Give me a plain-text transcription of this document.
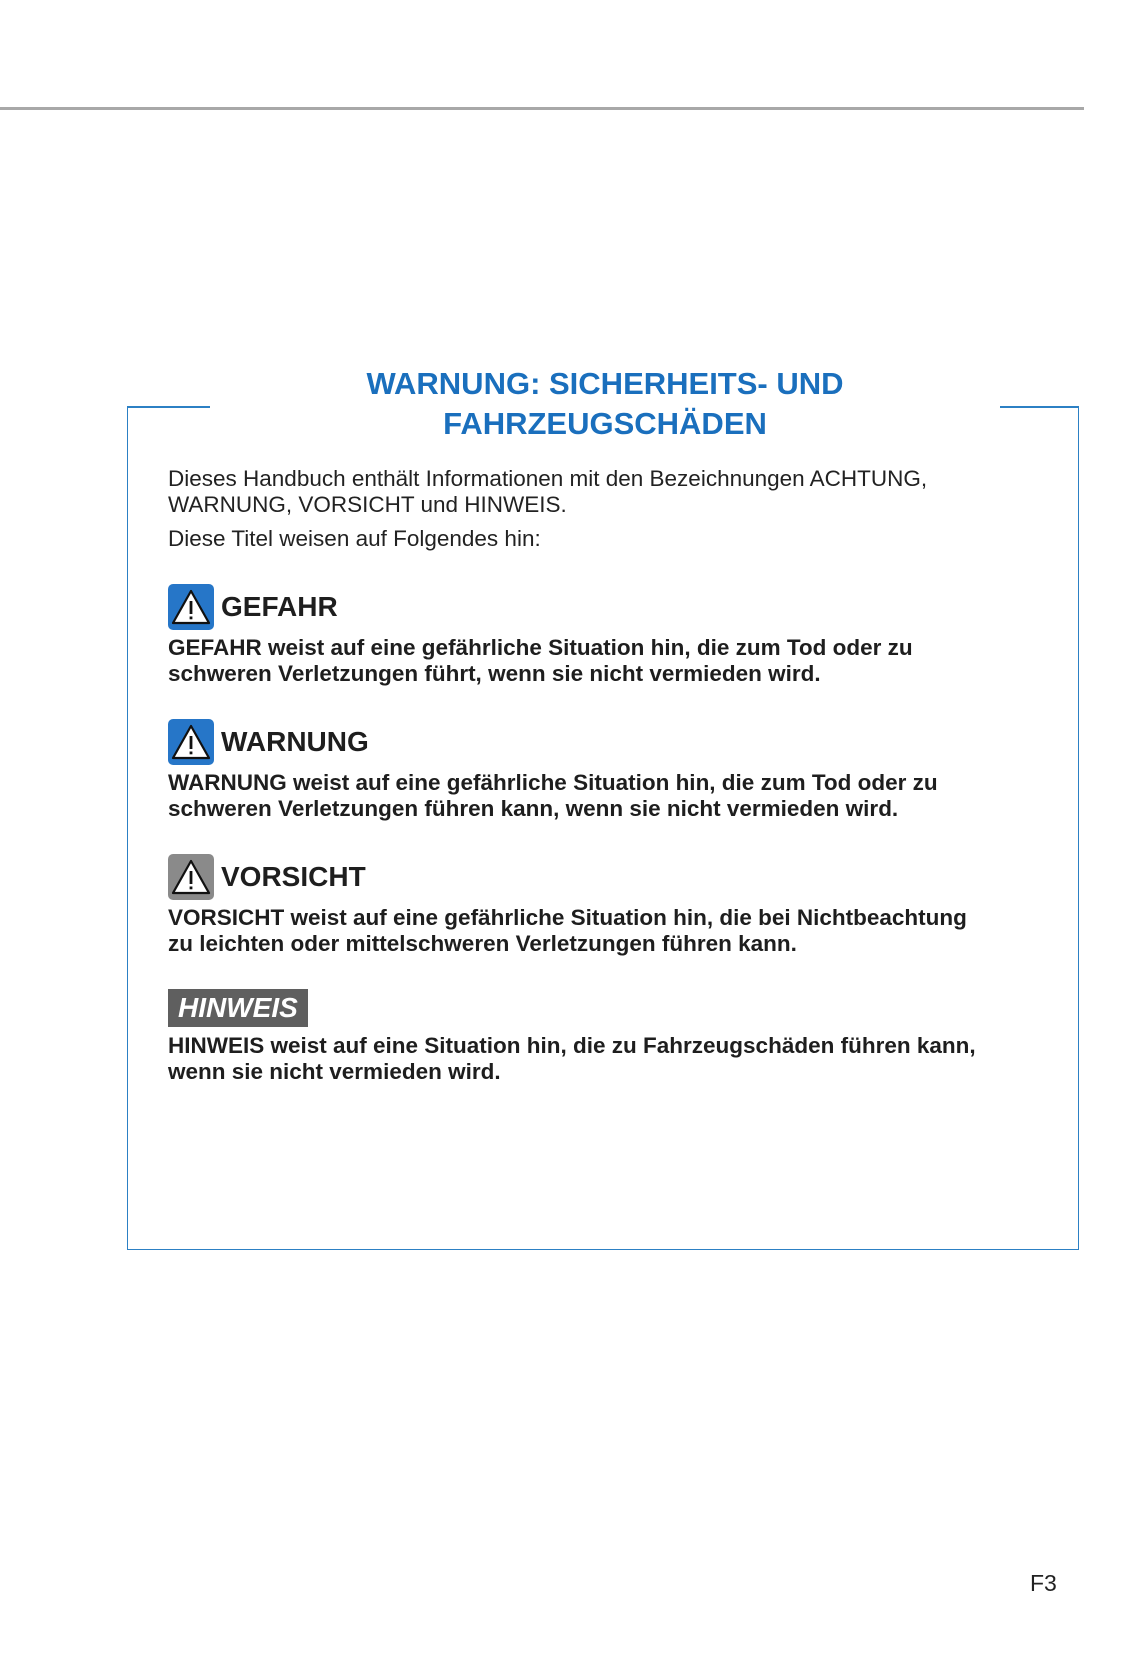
WARNUNG: SICHERHEITS- UND
FAHRZEUGSCHÄDEN

Dieses Handbuch enthält Informationen mit den Bezeichnungen ACHTUNG,
WARNUNG, VORSICHT und HINWEIS.

Diese Titel weisen auf Folgendes hin:

GEFAHR

GEFAHR weist auf eine gefährliche Situation hin, die zum Tod oder zu
schweren Verletzungen führt, wenn sie nicht vermieden wird.

WARNUNG

WARNUNG weist auf eine gefährliche Situation hin, die zum Tod oder zu
schweren Verletzungen führen kann, wenn sie nicht vermieden wird.

VORSICHT

VORSICHT weist auf eine gefährliche Situation hin, die bei Nichtbeachtung
zu leichten oder mittelschweren Verletzungen führen kann.

HINWEIS

HINWEIS weist auf eine Situation hin, die zu Fahrzeugschäden führen kann,
wenn sie nicht vermieden wird.

F3
